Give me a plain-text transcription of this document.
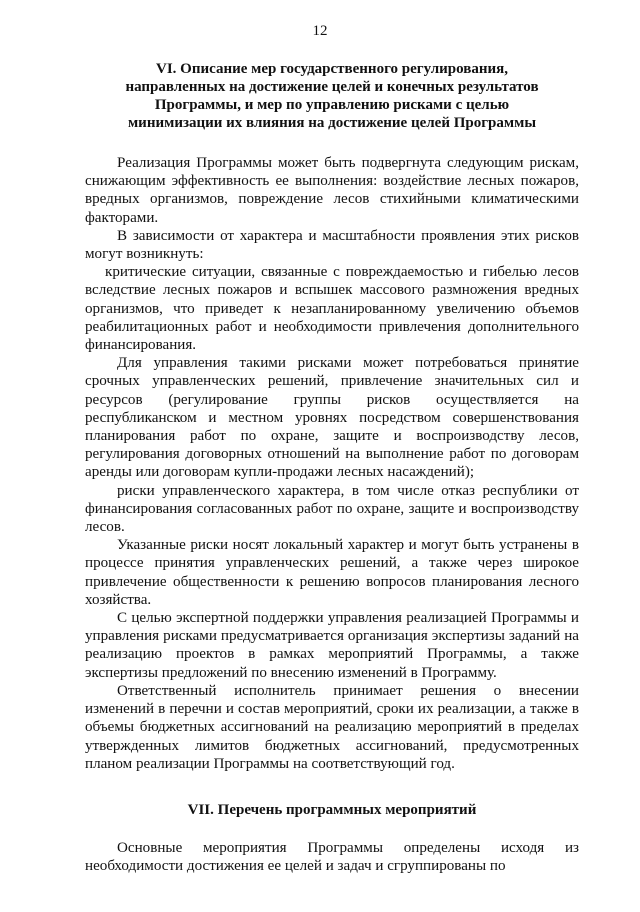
12
VI. Описание мер государственного регулирования,
направленных на достижение целей и конечных результатов
Программы, и мер по управлению рисками с целью
минимизации их влияния на достижение целей Программы

Реализация Программы может быть подвергнута следующим рискам, снижающим эффективность ее выполнения: воздействие лесных пожаров, вредных организмов, повреждение лесов стихийными климатическими факторами.

В зависимости от характера и масштабности проявления этих рисков могут возникнуть:

критические ситуации, связанные с повреждаемостью и гибелью лесов вследствие лесных пожаров и вспышек массового размножения вредных организмов, что приведет к незапланированному увеличению объемов реабилитационных работ и необходимости привлечения дополнительного финансирования.

Для управления такими рисками может потребоваться принятие срочных управленческих решений, привлечение значительных сил и ресурсов (регулирование группы рисков осуществляется на республиканском и местном уровнях посредством совершенствования планирования работ по охране, защите и воспроизводству лесов, регулирования договорных отношений на выполнение работ по договорам аренды или договорам купли-продажи лесных насаждений);

риски управленческого характера, в том числе отказ республики от финансирования согласованных работ по охране, защите и воспроизводству лесов.

Указанные риски носят локальный характер и могут быть устранены в процессе принятия управленческих решений, а также через широкое привлечение общественности к решению вопросов планирования лесного хозяйства.

С целью экспертной поддержки управления реализацией Программы и управления рисками предусматривается организация экспертизы заданий на реализацию проектов в рамках мероприятий Программы, а также экспертизы предложений по внесению изменений в Программу.

Ответственный исполнитель принимает решения о внесении изменений в перечни и состав мероприятий, сроки их реализации, а также в объемы бюджетных ассигнований на реализацию мероприятий в пределах утвержденных лимитов бюджетных ассигнований, предусмотренных планом реализации Программы на соответствующий год.

VII. Перечень программных мероприятий

Основные мероприятия Программы определены исходя из необходимости достижения ее целей и задач и сгруппированы по
